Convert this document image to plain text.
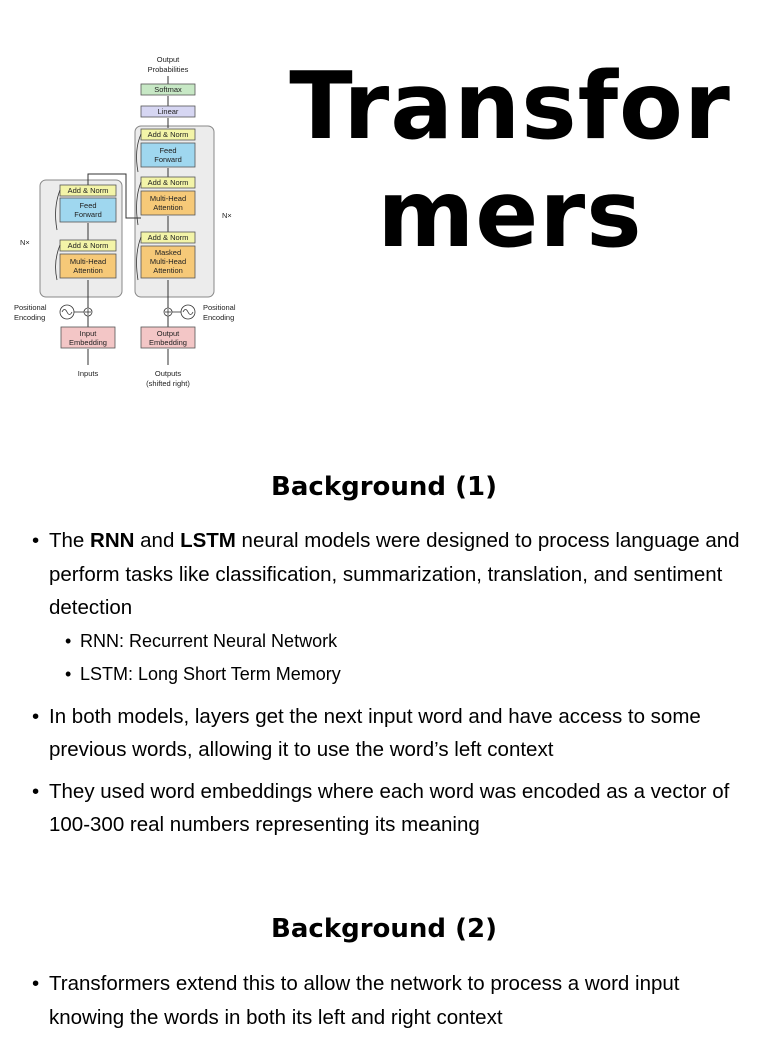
Output
Probabilities
Softmax
Linear
Add & Norm
Feed
Forward
Add & Norm
Multi-Head
Attention
Add & Norm
Masked
Multi-Head
Attention
Add & Norm
Feed
Forward
Add & Norm
Multi-Head
Attention
N×
N×
Positional
Encoding
Positional
Encoding
Input
Embedding
Output
Embedding
Inputs	Outputs
(shifted right)
Transfor
mers
Background (1)
• The RNN and LSTM neural models were designed to process language and perform tasks like classification, summarization, translation, and sentiment detection
• RNN: Recurrent Neural Network
• LSTM: Long Short Term Memory
• In both models, layers get the next input word and have access to some previous words, allowing it to use the word’s left context
• They used word embeddings where each word was encoded as a vector of 100-300 real numbers representing its meaning
Background (2)
• Transformers extend this to allow the network to process a word input knowing the words in both its left and right context
